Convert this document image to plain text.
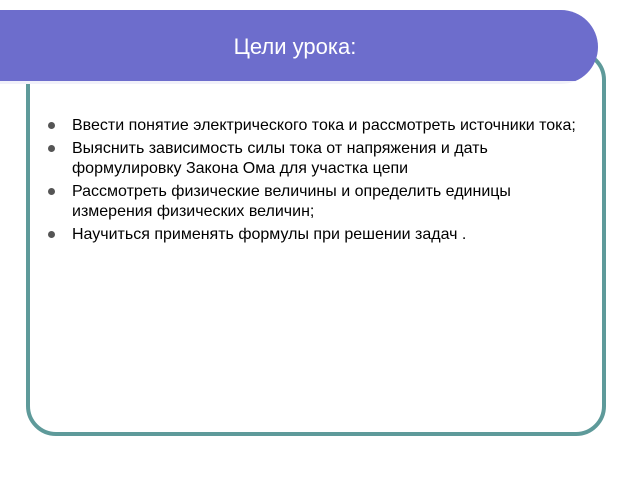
Цели урока:
Ввести понятие электрического тока и рассмотреть источники тока;
Выяснить зависимость силы тока от напряжения и дать формулировку Закона Ома для участка цепи
Рассмотреть физические величины и определить единицы измерения физических величин;
Научиться применять формулы при решении задач .
